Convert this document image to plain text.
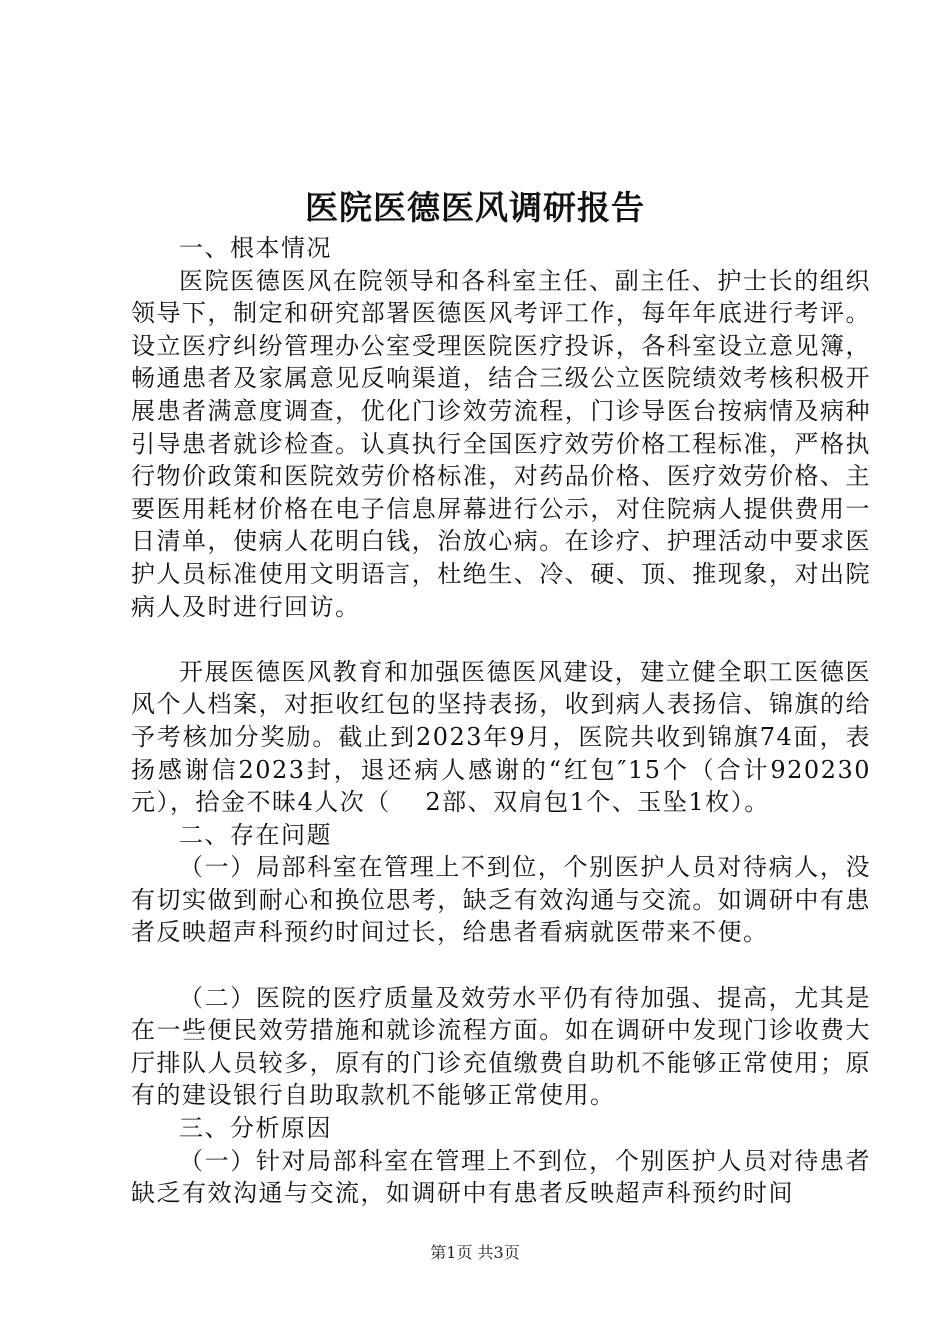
医院医德医风调研报告

一、根本情况

医院医德医风在院领导和各科室主任、副主任、护士长的组织领导下，制定和研究部署医德医风考评工作，每年年底进行考评。设立医疗纠纷管理办公室受理医院医疗投诉，各科室设立意见簿，畅通患者及家属意见反响渠道，结合三级公立医院绩效考核积极开展患者满意度调查，优化门诊效劳流程，门诊导医台按病情及病种引导患者就诊检查。认真执行全国医疗效劳价格工程标准，严格执行物价政策和医院效劳价格标准，对药品价格、医疗效劳价格、主要医用耗材价格在电子信息屏幕进行公示，对住院病人提供费用一日清单，使病人花明白钱，治放心病。在诊疗、护理活动中要求医护人员标准使用文明语言，杜绝生、冷、硬、顶、推现象，对出院病人及时进行回访。

开展医德医风教育和加强医德医风建设，建立健全职工医德医风个人档案，对拒收红包的坚持表扬，收到病人表扬信、锦旗的给予考核加分奖励。截止到2023年9月，医院共收到锦旗74面，表扬感谢信2023封，退还病人感谢的“红包″15个（合计920230元），拾金不昧4人次（　 2部、双肩包1个、玉坠1枚）。

二、存在问题

（一）局部科室在管理上不到位，个别医护人员对待病人，没有切实做到耐心和换位思考，缺乏有效沟通与交流。如调研中有患者反映超声科预约时间过长，给患者看病就医带来不便。

（二）医院的医疗质量及效劳水平仍有待加强、提高，尤其是在一些便民效劳措施和就诊流程方面。如在调研中发现门诊收费大厅排队人员较多，原有的门诊充值缴费自助机不能够正常使用；原有的建设银行自助取款机不能够正常使用。

三、分析原因

（一）针对局部科室在管理上不到位，个别医护人员对待患者缺乏有效沟通与交流，如调研中有患者反映超声科预约时间

第1页 共3页
